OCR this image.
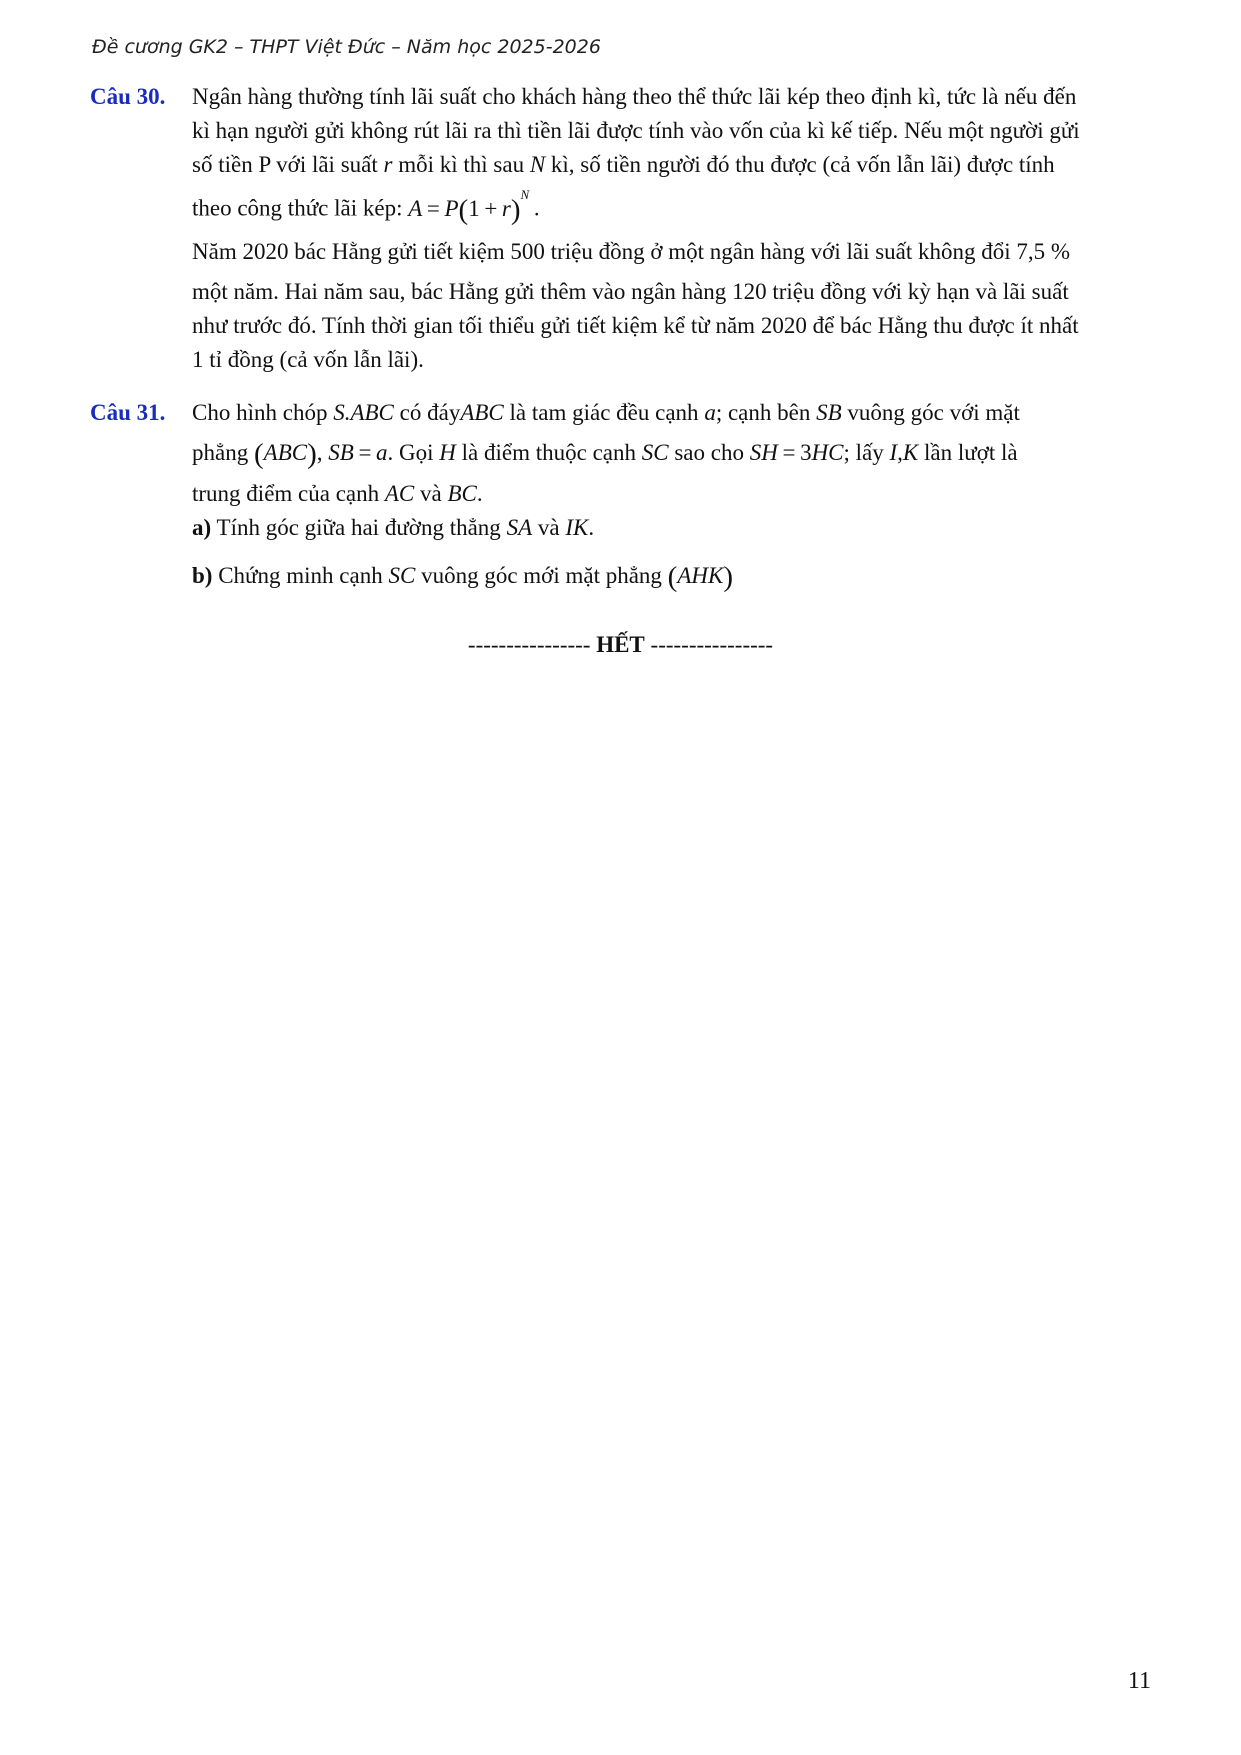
Đề cương GK2 – THPT Việt Đức – Năm học 2025-2026
Câu 30. Ngân hàng thường tính lãi suất cho khách hàng theo thể thức lãi kép theo định kì, tức là nếu đến

kì hạn người gửi không rút lãi ra thì tiền lãi được tính vào vốn của kì kế tiếp. Nếu một người gửi

số tiền P với lãi suất r mỗi kì thì sau N kì, số tiền người đó thu được (cả vốn lẫn lãi) được tính

theo công thức lãi kép: $A = P(1 + r)^N$ .

Năm 2020 bác Hằng gửi tiết kiệm 500 triệu đồng ở một ngân hàng với lãi suất không đổi 7,5 %

một năm. Hai năm sau, bác Hằng gửi thêm vào ngân hàng 120 triệu đồng với kỳ hạn và lãi suất

như trước đó. Tính thời gian tối thiểu gửi tiết kiệm kể từ năm 2020 để bác Hằng thu được ít nhất

1 tỉ đồng (cả vốn lẫn lãi).

Câu 31. Cho hình chóp S.ABC có đáyABC là tam giác đều cạnh a; cạnh bên SB vuông góc với mặt

phẳng (ABC), SB  =  a. Gọi H là điểm thuộc cạnh SC sao cho SH  =  3HC; lấy I,K lần lượt là

trung điểm của cạnh AC và BC.

a) Tính góc giữa hai đường thẳng SA và IK.

b) Chứng minh cạnh SC vuông góc mới mặt phẳng (AHK)

---------------- HẾT ----------------
11
